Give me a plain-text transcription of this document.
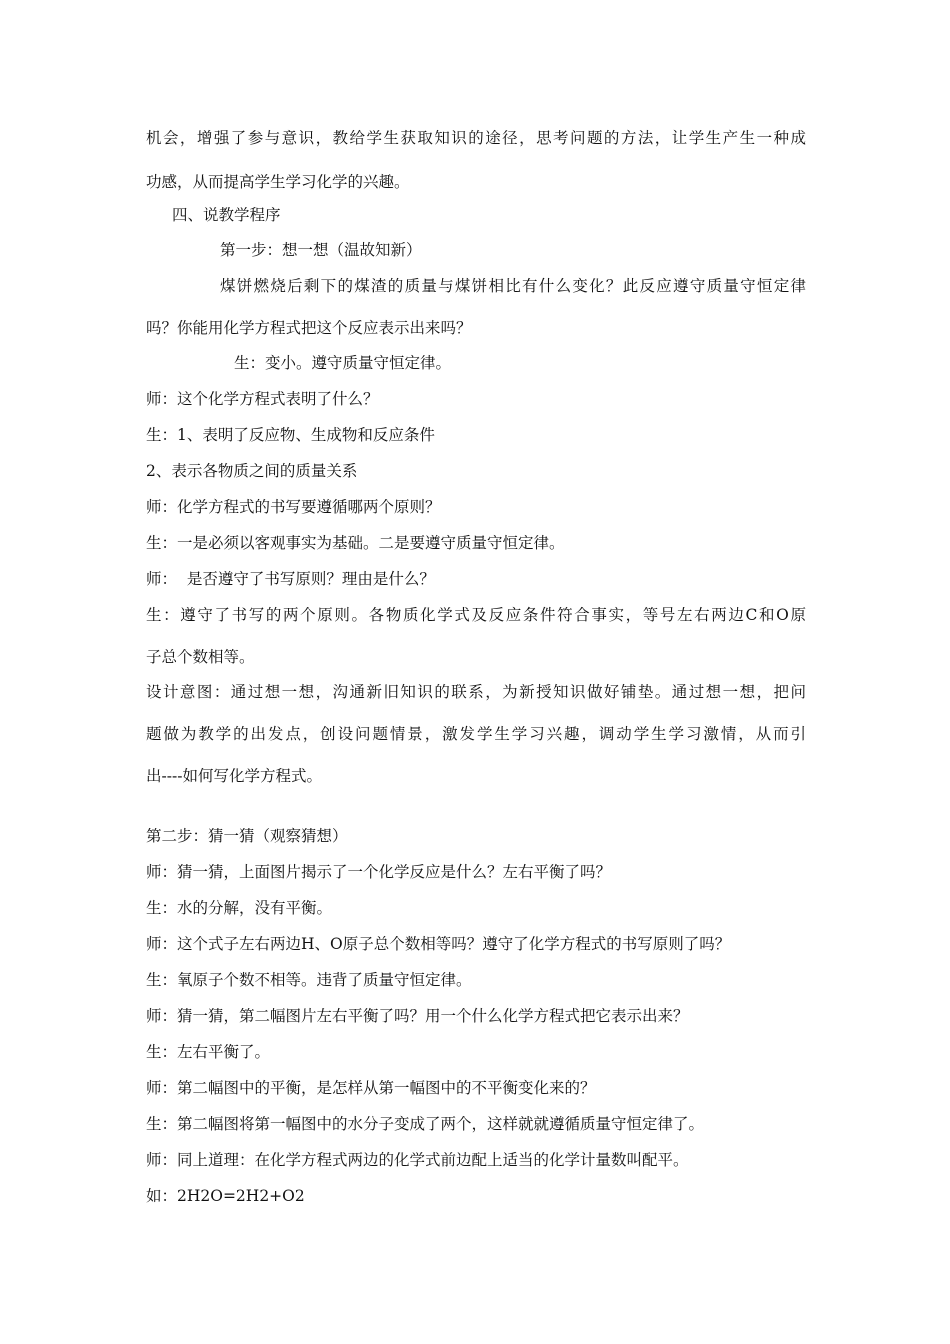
机会，增强了参与意识，教给学生获取知识的途径，思考问题的方法，让学生产生一种成
功感，从而提高学生学习化学的兴趣。
四、说教学程序
第一步：想一想（温故知新）
煤饼燃烧后剩下的煤渣的质量与煤饼相比有什么变化？此反应遵守质量守恒定律
吗？你能用化学方程式把这个反应表示出来吗？
生：变小。遵守质量守恒定律。
师：这个化学方程式表明了什么？
生：1、表明了反应物、生成物和反应条件
2、表示各物质之间的质量关系
师：化学方程式的书写要遵循哪两个原则？
生：一是必须以客观事实为基础。二是要遵守质量守恒定律。
师：  是否遵守了书写原则？理由是什么？
生：遵守了书写的两个原则。各物质化学式及反应条件符合事实，等号左右两边C和O原
子总个数相等。
设计意图：通过想一想，沟通新旧知识的联系，为新授知识做好铺垫。通过想一想，把问
题做为教学的出发点，创设问题情景，激发学生学习兴趣，调动学生学习激情，从而引
出----如何写化学方程式。
第二步：猜一猜（观察猜想）
师：猜一猜，上面图片揭示了一个化学反应是什么？左右平衡了吗？
生：水的分解，没有平衡。
师：这个式子左右两边H、O原子总个数相等吗？遵守了化学方程式的书写原则了吗？
生：氧原子个数不相等。违背了质量守恒定律。
师：猜一猜，第二幅图片左右平衡了吗？用一个什么化学方程式把它表示出来？
生：左右平衡了。
师：第二幅图中的平衡，是怎样从第一幅图中的不平衡变化来的？
生：第二幅图将第一幅图中的水分子变成了两个，这样就就遵循质量守恒定律了。
师：同上道理：在化学方程式两边的化学式前边配上适当的化学计量数叫配平。
如：2H2O=2H2+O2
